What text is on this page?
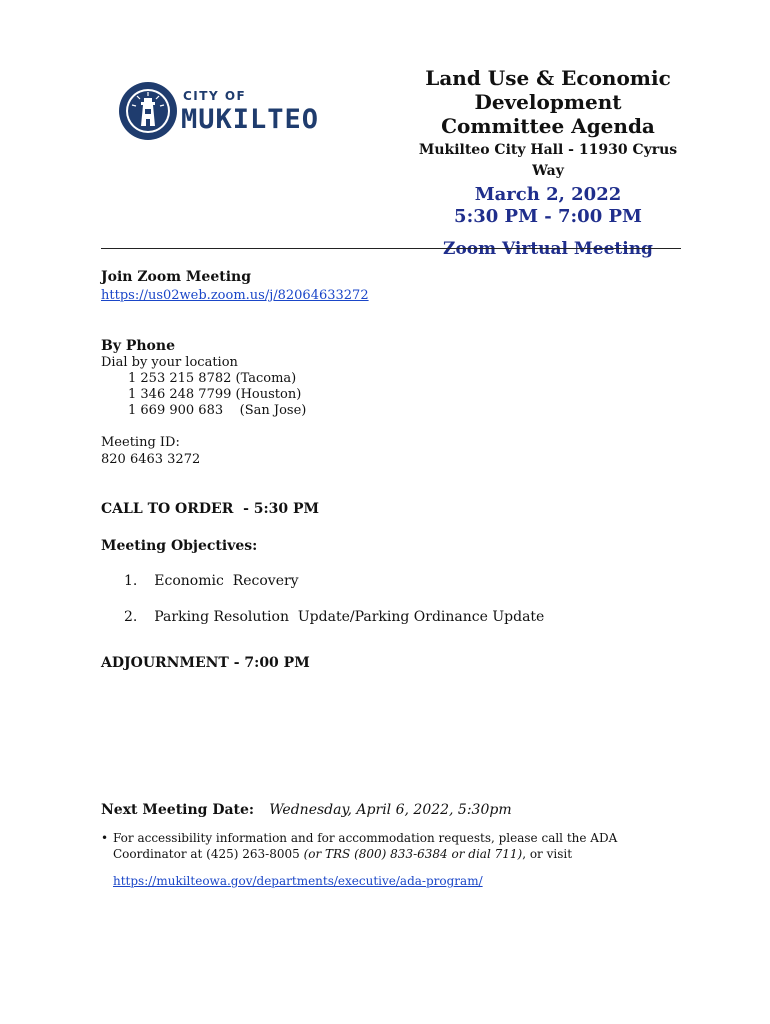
CITY OF
MUKILTEO
Land Use & Economic
Development
Committee Agenda
Mukilteo City Hall - 11930 Cyrus
Way
March 2, 2022
5:30 PM - 7:00 PM
Zoom Virtual Meeting
Join Zoom Meeting
https://us02web.zoom.us/j/82064633272
By Phone
Dial by your location
1 253 215 8782 (Tacoma)
1 346 248 7799 (Houston)
1 669 900 683    (San Jose)
Meeting ID:
820 6463 3272
CALL TO ORDER  - 5:30 PM
Meeting Objectives:
1. Economic  Recovery
2. Parking Resolution  Update/Parking Ordinance Update
ADJOURNMENT - 7:00 PM
Next Meeting Date: Wednesday, April 6, 2022, 5:30pm
• For accessibility information and for accommodation requests, please call the ADA Coordinator at (425) 263-8005 (or TRS (800) 833-6384 or dial 711), or visit
https://mukilteowa.gov/departments/executive/ada-program/
